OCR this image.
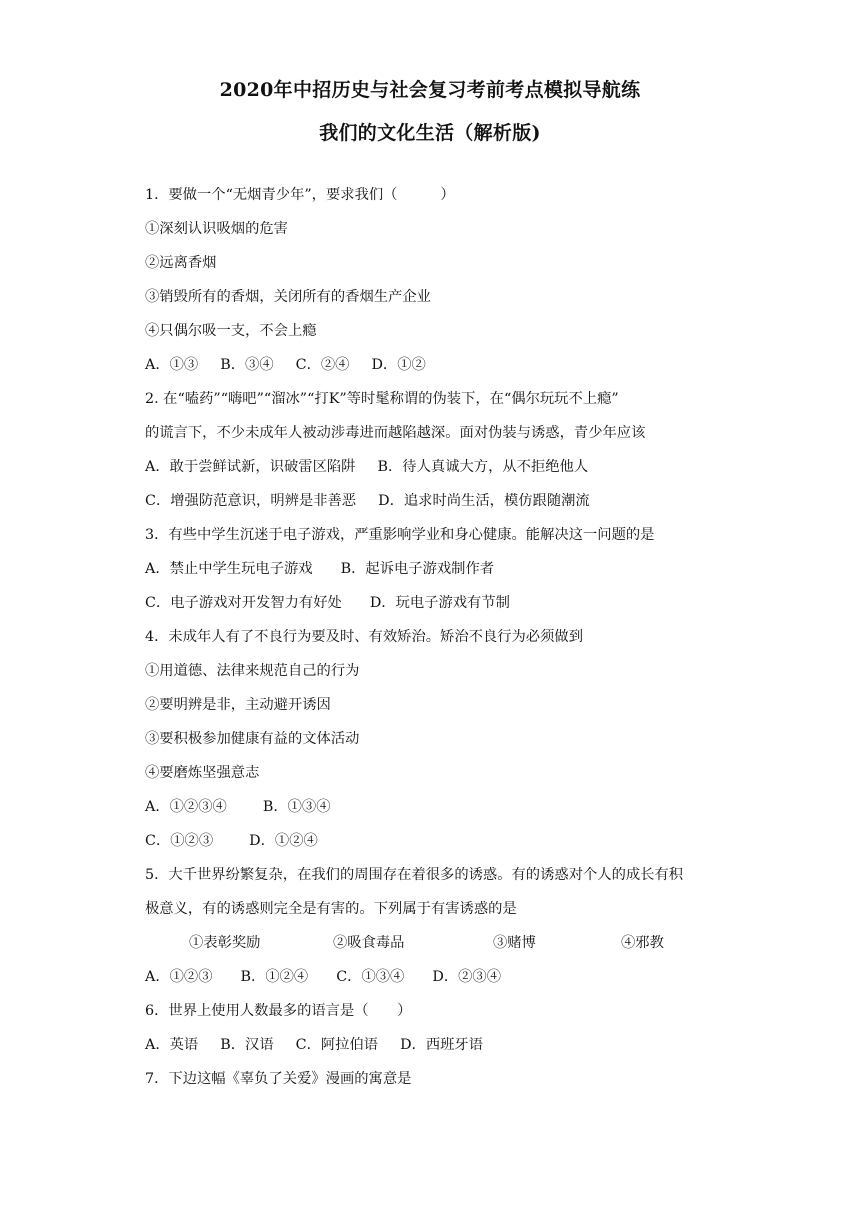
2020年中招历史与社会复习考前考点模拟导航练
我们的文化生活（解析版)
1．要做一个“无烟青少年”，要求我们（　　　）
①深刻认识吸烟的危害
②远离香烟
③销毁所有的香烟，关闭所有的香烟生产企业
④只偶尔吸一支，不会上瘾
A．①③ B．③④ C．②④ D．①②
2. 在“嗑药”“嗨吧”“溜冰”“打K”等时髦称谓的伪装下，在“偶尔玩玩不上瘾”
的谎言下，不少未成年人被动涉毒进而越陷越深。面对伪装与诱惑，青少年应该
A．敢于尝鲜试新，识破雷区陷阱 B．待人真诚大方，从不拒绝他人
C．增强防范意识，明辨是非善恶 D．追求时尚生活，模仿跟随潮流
3．有些中学生沉迷于电子游戏，严重影响学业和身心健康。能解决这一问题的是
A．禁止中学生玩电子游戏 B．起诉电子游戏制作者
C．电子游戏对开发智力有好处 D．玩电子游戏有节制
4．未成年人有了不良行为要及时、有效矫治。矫治不良行为必须做到
①用道德、法律来规范自己的行为
②要明辨是非，主动避开诱因
③要积极参加健康有益的文体活动
④要磨炼坚强意志
A．①②③④	B．①③④
C．①②③	D．①②④
5．大千世界纷繁复杂，在我们的周围存在着很多的诱惑。有的诱惑对个人的成长有积
极意义，有的诱惑则完全是有害的。下列属于有害诱惑的是
①表彰奖励	②吸食毒品	③赌博	④邪教
A．①②③ B．①②④ C．①③④ D．②③④
6．世界上使用人数最多的语言是（　　）
A．英语 B．汉语 C．阿拉伯语 D．西班牙语
7．下边这幅《辜负了关爱》漫画的寓意是
